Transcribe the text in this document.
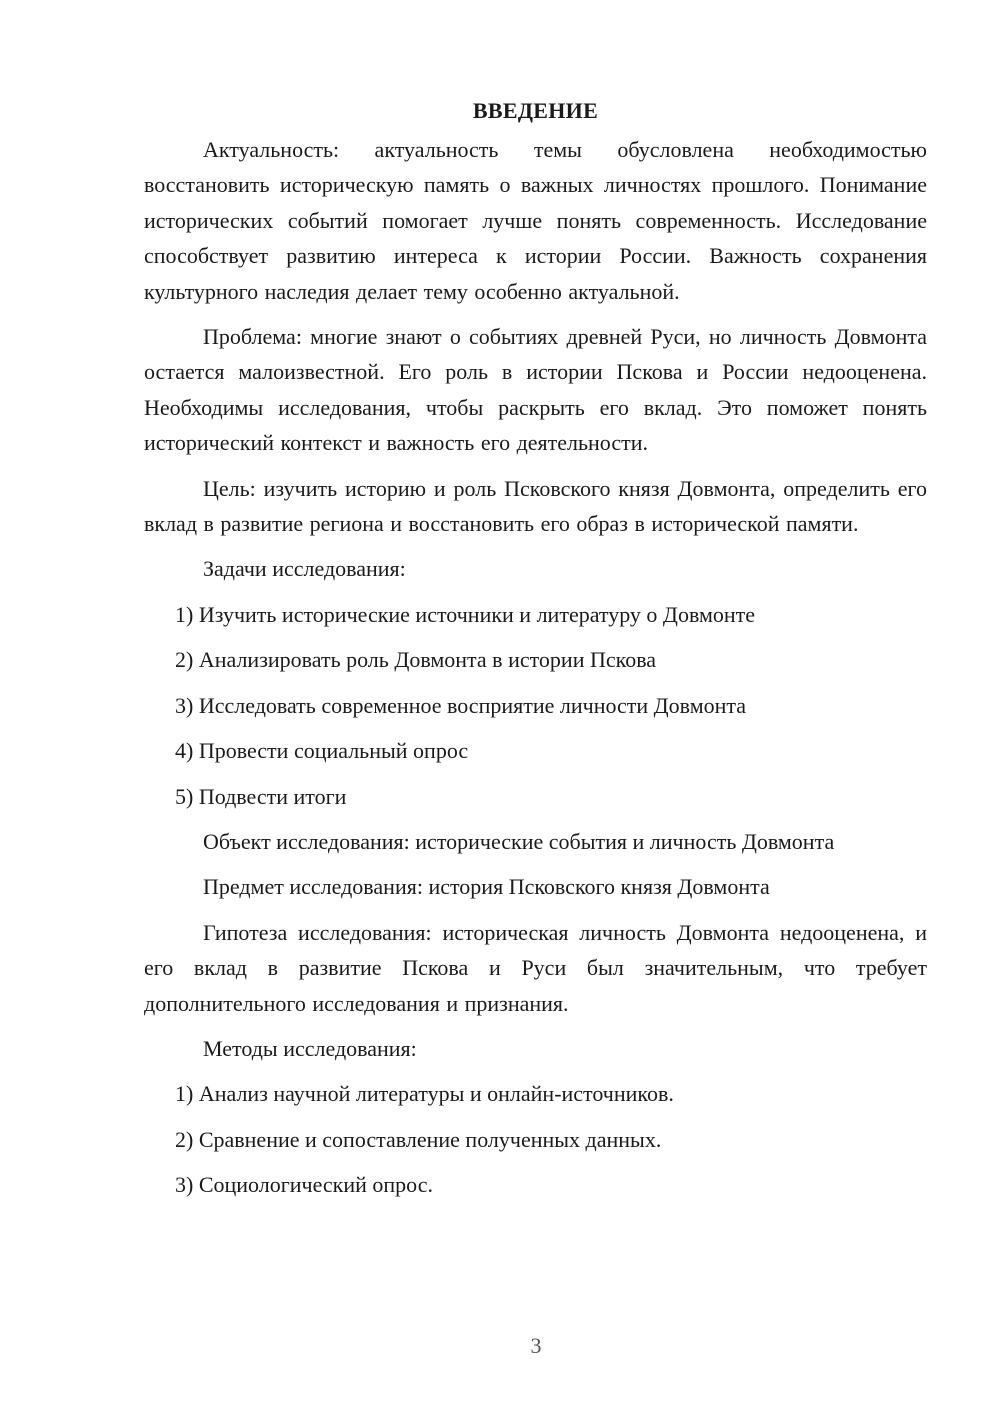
ВВЕДЕНИЕ

Актуальность: актуальность темы обусловлена необходимостью восстановить историческую память о важных личностях прошлого. Понимание исторических событий помогает лучше понять современность. Исследование способствует развитию интереса к истории России. Важность сохранения культурного наследия делает тему особенно актуальной.

Проблема: многие знают о событиях древней Руси, но личность Довмонта остается малоизвестной. Его роль в истории Пскова и России недооценена. Необходимы исследования, чтобы раскрыть его вклад. Это поможет понять исторический контекст и важность его деятельности.

Цель: изучить историю и роль Псковского князя Довмонта, определить его вклад в развитие региона и восстановить его образ в исторической памяти.

Задачи исследования:

1) Изучить исторические источники и литературу о Довмонте
2) Анализировать роль Довмонта в истории Пскова
3) Исследовать современное восприятие личности Довмонта
4) Провести социальный опрос
5) Подвести итоги

Объект исследования: исторические события и личность Довмонта

Предмет исследования: история Псковского князя Довмонта

Гипотеза исследования: историческая личность Довмонта недооценена, и его вклад в развитие Пскова и Руси был значительным, что требует дополнительного исследования и признания.

Методы исследования:

1) Анализ научной литературы и онлайн-источников.
2) Сравнение и сопоставление полученных данных.
3) Социологический опрос.
3
